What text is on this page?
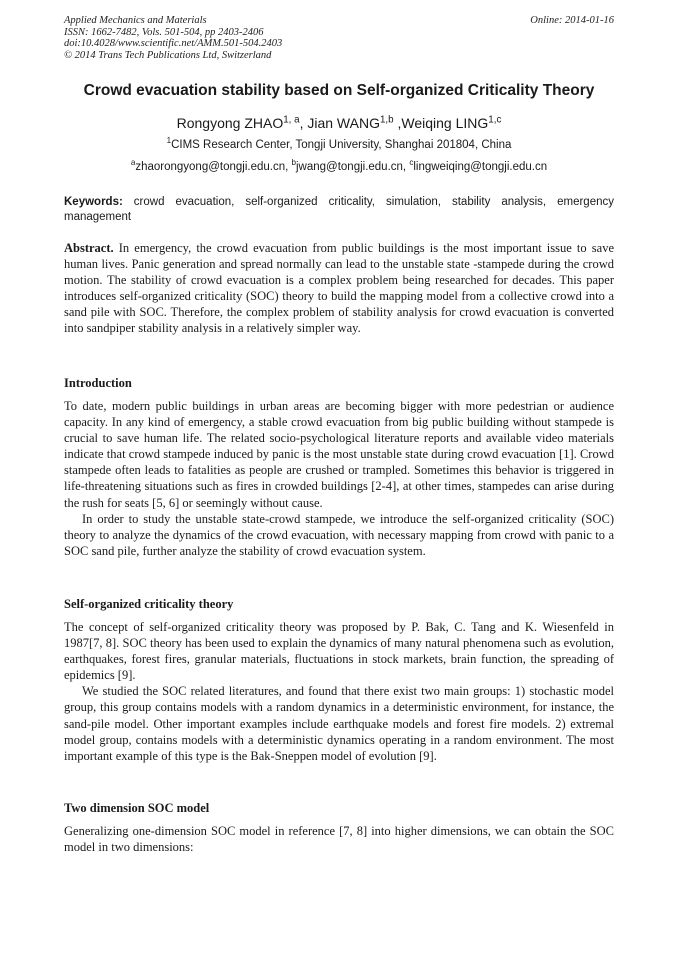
Applied Mechanics and Materials
ISSN: 1662-7482, Vols. 501-504, pp 2403-2406
doi:10.4028/www.scientific.net/AMM.501-504.2403
© 2014 Trans Tech Publications Ltd, Switzerland
Online: 2014-01-16
Crowd evacuation stability based on Self-organized Criticality Theory
Rongyong ZHAO$^{1, a}$, Jian WANG$^{1,b}$ ,Weiqing LING$^{1,c}$
$^1$CIMS Research Center, Tongji University, Shanghai 201804, China
$^a$zhaorongyong@tongji.edu.cn, $^b$jwang@tongji.edu.cn, $^c$lingweiqing@tongji.edu.cn
Keywords: crowd evacuation, self-organized criticality, simulation, stability analysis, emergency management
Abstract. In emergency, the crowd evacuation from public buildings is the most important issue to save human lives. Panic generation and spread normally can lead to the unstable state -stampede during the crowd motion. The stability of crowd evacuation is a complex problem being researched for decades. This paper introduces self-organized criticality (SOC) theory to build the mapping model from a collective crowd into a sand pile with SOC. Therefore, the complex problem of stability analysis for crowd evacuation is converted into sandpiper stability analysis in a relatively simpler way.
Introduction

To date, modern public buildings in urban areas are becoming bigger with more pedestrian or audience capacity. In any kind of emergency, a stable crowd evacuation from big public building without stampede is crucial to save human life. The related socio-psychological literature reports and available video materials indicate that crowd stampede induced by panic is the most unstable state during crowd evacuation [1]. Crowd stampede often leads to fatalities as people are crushed or trampled. Sometimes this behavior is triggered in life-threatening situations such as fires in crowded buildings [2-4], at other times, stampedes can arise during the rush for seats [5, 6] or seemingly without cause.

In order to study the unstable state-crowd stampede, we introduce the self-organized criticality (SOC) theory to analyze the dynamics of the crowd evacuation, with necessary mapping from crowd with panic to a SOC sand pile, further analyze the stability of crowd evacuation system.

Self-organized criticality theory

The concept of self-organized criticality theory was proposed by P. Bak, C. Tang and K. Wiesenfeld in 1987[7, 8]. SOC theory has been used to explain the dynamics of many natural phenomena such as evolution, earthquakes, forest fires, granular materials, fluctuations in stock markets, brain function, the spreading of epidemics [9].

We studied the SOC related literatures, and found that there exist two main groups: 1) stochastic model group, this group contains models with a random dynamics in a deterministic environment, for instance, the sand-pile model. Other important examples include earthquake models and forest fire models. 2) extremal model group, contains models with a deterministic dynamics operating in a random environment. The most important example of this type is the Bak-Sneppen model of evolution [9].

Two dimension SOC model

Generalizing one-dimension SOC model in reference [7, 8] into higher dimensions, we can obtain the SOC model in two dimensions:
